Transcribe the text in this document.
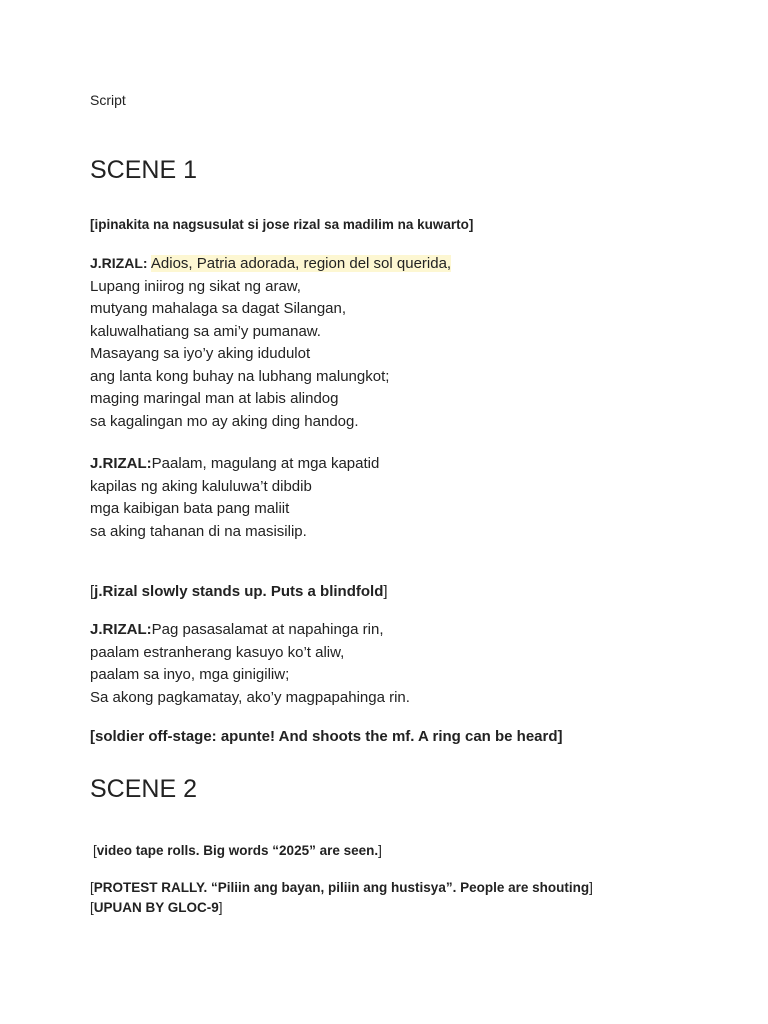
Script
SCENE 1
[ipinakita na nagsusulat si jose rizal sa madilim na kuwarto]
J.RIZAL: Adios, Patria adorada, region del sol querida,
Lupang iniirog ng sikat ng araw,
mutyang mahalaga sa dagat Silangan,
kaluwalhatiang sa ami’y pumanaw.
Masayang sa iyo’y aking idudulot
ang lanta kong buhay na lubhang malungkot;
maging maringal man at labis alindog
sa kagalingan mo ay aking ding handog.
J.RIZAL:Paalam, magulang at mga kapatid
kapilas ng aking kaluluwa’t dibdib
mga kaibigan bata pang maliit
sa aking tahanan di na masisilip.
[j.Rizal slowly stands up. Puts a blindfold]
J.RIZAL:Pag pasasalamat at napahinga rin,
paalam estranherang kasuyo ko’t aliw,
paalam sa inyo, mga ginigiliw;
Sa akong pagkamatay, ako’y magpapahinga rin.
[soldier off-stage: apunte! And shoots the mf. A ring can be heard]
SCENE 2
[video tape rolls. Big words “2025” are seen.]
[PROTEST RALLY. “Piliin ang bayan, piliin ang hustisya”. People are shouting]
[UPUAN BY GLOC-9]
